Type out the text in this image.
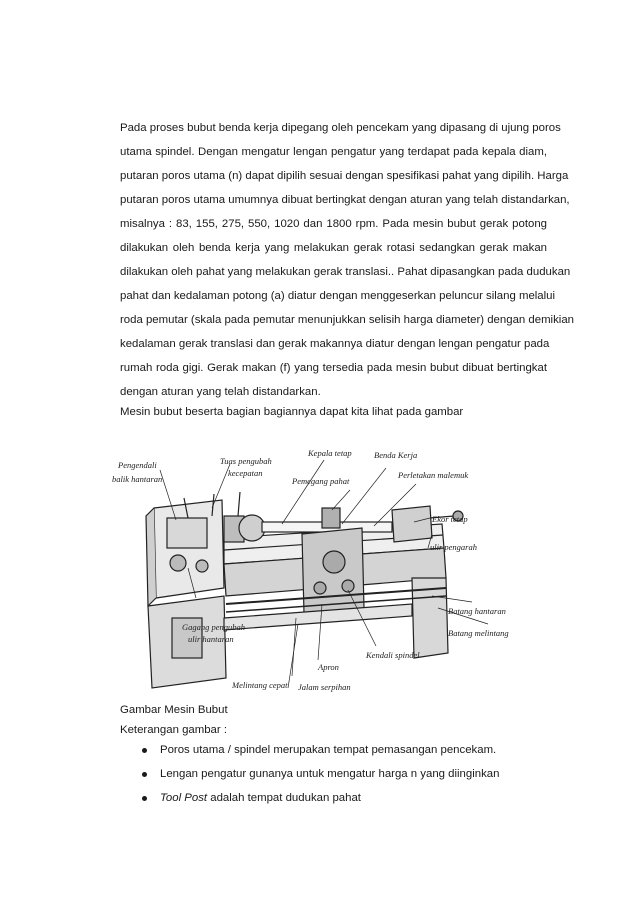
Pada proses bubut benda kerja dipegang oleh pencekam yang dipasang di ujung poros
utama spindel. Dengan mengatur lengan pengatur yang terdapat pada kepala diam,
putaran poros utama (n) dapat dipilih sesuai dengan spesifikasi pahat yang dipilih. Harga
putaran poros utama umumnya dibuat bertingkat dengan aturan yang telah distandarkan,
misalnya : 83, 155, 275, 550, 1020 dan 1800 rpm. Pada mesin bubut gerak potong
dilakukan oleh benda kerja yang melakukan gerak rotasi sedangkan gerak makan
dilakukan oleh pahat yang melakukan gerak translasi.. Pahat dipasangkan pada dudukan
pahat dan kedalaman potong (a) diatur dengan menggeserkan peluncur silang melalui
roda pemutar (skala pada pemutar menunjukkan selisih harga diameter) dengan demikian
kedalaman gerak translasi dan gerak makannya diatur dengan lengan pengatur pada
rumah roda gigi. Gerak makan (f) yang tersedia pada mesin bubut dibuat bertingkat
dengan aturan yang telah distandarkan.

Mesin bubut beserta bagian bagiannya dapat kita lihat pada gambar

Pengendali
balik hantaran
Tuas pengubah
kecepatan
Kepala tetap	Benda Kerja
Pemegang pahat
Perletakan malemuk
Ekor tetap
ulir pengarah
Gagang pengubah
ulir hantaran
Batang hantaran
Batang melintang
Kendali spindel
Apron
Melintang cepat Jalam serpihan

Gambar Mesin Bubut

Keterangan gambar :

Poros utama / spindel merupakan tempat pemasangan pencekam.
Lengan pengatur gunanya untuk mengatur harga n yang diinginkan
Tool Post adalah tempat dudukan pahat
